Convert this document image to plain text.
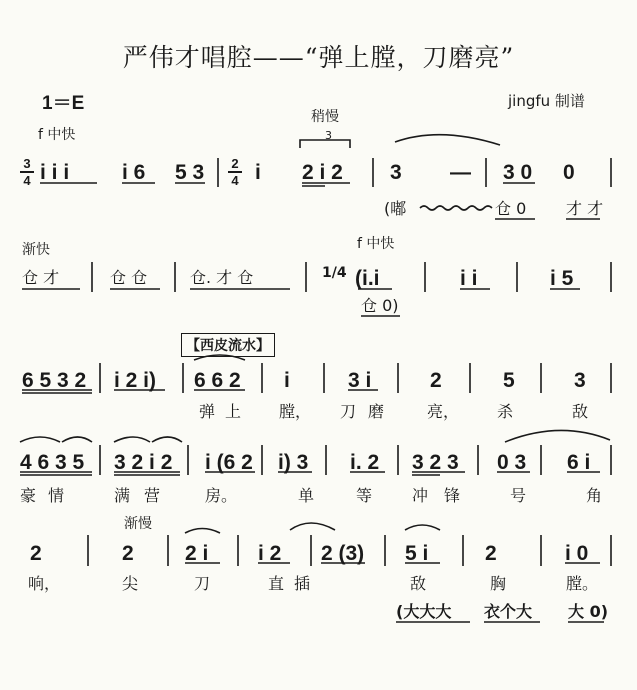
严伟才唱腔——“弹上膛，刀磨亮”
1＝E	jingfu 制谱
f 中快
稍慢
3
渐快	f 中快
渐慢
【西皮流水】
3
4
2
4
1/4
i i i	i 6 5 3 i 2 i 2 3 — 3 0 0
(嘟	仓 0 才 才
仓 才	仓 仓	仓. 才 仓	(i.i	i i	i 5
仓 0)
6 5 3 2 i 2 i) 6 6 2 i	3 i	2	5	3
弹上 膛， 刀磨 亮， 杀	敌
4 6 3 5 3 2 i 2 i (6 2 i) 3 i. 2 3 2 3 0 3 6 i
豪情 满营 房。	单	等 冲锋 号	角
2	2 2 i i 2 2 (3) 5 i	2	i 0
响，	尖	刀	直插	敌	胸	膛。
(大大大 衣个大 大 0)
